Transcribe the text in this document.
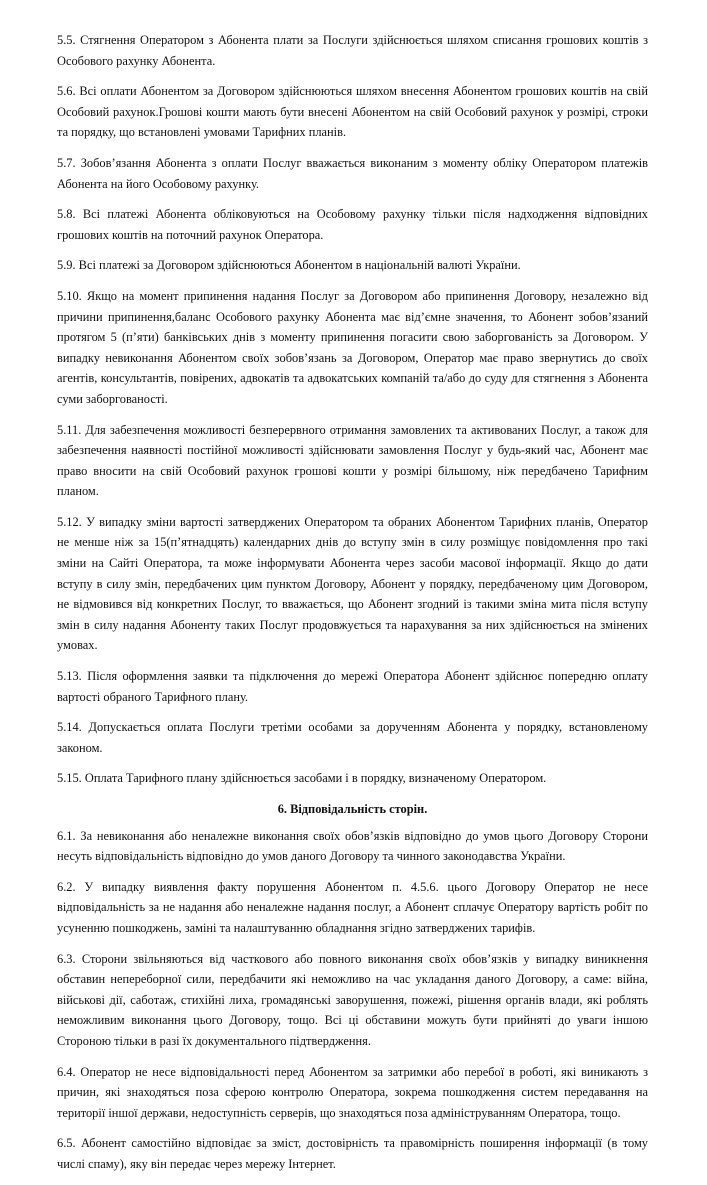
5.5. Стягнення Оператором з Абонента плати за Послуги здійснюється шляхом списання грошових коштів з Особового рахунку Абонента.

5.6. Всі оплати Абонентом за Договором здійснюються шляхом внесення Абонентом грошових коштів на свій Особовий рахунок.Грошові кошти мають бути внесені Абонентом на свій Особовий рахунок у розмірі, строки та порядку, що встановлені умовами Тарифних планів.

5.7. Зобов’язання Абонента з оплати Послуг вважається виконаним з моменту обліку Оператором платежів Абонента на його Особовому рахунку.

5.8. Всі платежі Абонента обліковуються на Особовому рахунку тільки після надходження відповідних грошових коштів на поточний рахунок Оператора.

5.9. Всі платежі за Договором здійснюються Абонентом в національній валюті України.

5.10. Якщо на момент припинення надання Послуг за Договором або припинення Договору, незалежно від причини припинення,баланс Особового рахунку Абонента має від’ємне значення, то Абонент зобов’язаний протягом 5 (п’яти) банківських днів з моменту припинення погасити свою заборгованість за Договором. У випадку невиконання Абонентом своїх зобов’язань за Договором, Оператор має право звернутись до своїх агентів, консультантів, повірених, адвокатів та адвокатських компаній та/або до суду для стягнення з Абонента суми заборгованості.

5.11. Для забезпечення можливості безперервного отримання замовлених та активованих Послуг, а також для забезпечення наявності постійної можливості здійснювати замовлення Послуг у будь-який час, Абонент має право вносити на свій Особовий рахунок грошові кошти у розмірі більшому, ніж передбачено Тарифним планом.

5.12. У випадку зміни вартості затверджених Оператором та обраних Абонентом Тарифних планів, Оператор не менше ніж за 15(п’ятнадцять) календарних днів до вступу змін в силу розміщує повідомлення про такі зміни на Сайті Оператора, та може інформувати Абонента через засоби масової інформації. Якщо до дати вступу в силу змін, передбачених цим пунктом Договору, Абонент у порядку, передбаченому цим Договором, не відмовився від конкретних Послуг, то вважається, що Абонент згодний із такими зміна мита після вступу змін в силу надання Абоненту таких Послуг продовжується та нарахування за них здійснюється на змінених умовах.

5.13. Після оформлення заявки та підключення до мережі Оператора Абонент здійснює попередню оплату вартості обраного Тарифного плану.

5.14. Допускається оплата Послуги третіми особами за дорученням Абонента у порядку, встановленому законом.

5.15. Оплата Тарифного плану здійснюється засобами і в порядку, визначеному Оператором.

6. Відповідальність сторін.

6.1. За невиконання або неналежне виконання своїх обов’язків відповідно до умов цього Договору Сторони несуть відповідальність відповідно до умов даного Договору та чинного законодавства України.

6.2. У випадку виявлення факту порушення Абонентом п. 4.5.6. цього Договору Оператор не несе відповідальність за не надання або неналежне надання послуг, а Абонент сплачує Оператору вартість робіт по усуненню пошкоджень, заміні та налаштуванню обладнання згідно затверджених тарифів.

6.3. Сторони звільняються від часткового або повного виконання своїх обов’язків у випадку виникнення обставин непереборної сили, передбачити які неможливо на час укладання даного Договору, а саме: війна, військові дії, саботаж, стихійні лиха, громадянські заворушення, пожежі, рішення органів влади, які роблять неможливим виконання цього Договору, тощо. Всі ці обставини можуть бути прийняті до уваги іншою Стороною тільки в разі їх документального підтвердження.

6.4. Оператор не несе відповідальності перед Абонентом за затримки або перебої в роботі, які виникають з причин, які знаходяться поза сферою контролю Оператора, зокрема пошкодження систем передавання на території іншої держави, недоступність серверів, що знаходяться поза адмініструванням Оператора, тощо.

6.5. Абонент самостійно відповідає за зміст, достовірність та правомірність поширення інформації (в тому числі спаму), яку він передає через мережу Інтернет.
